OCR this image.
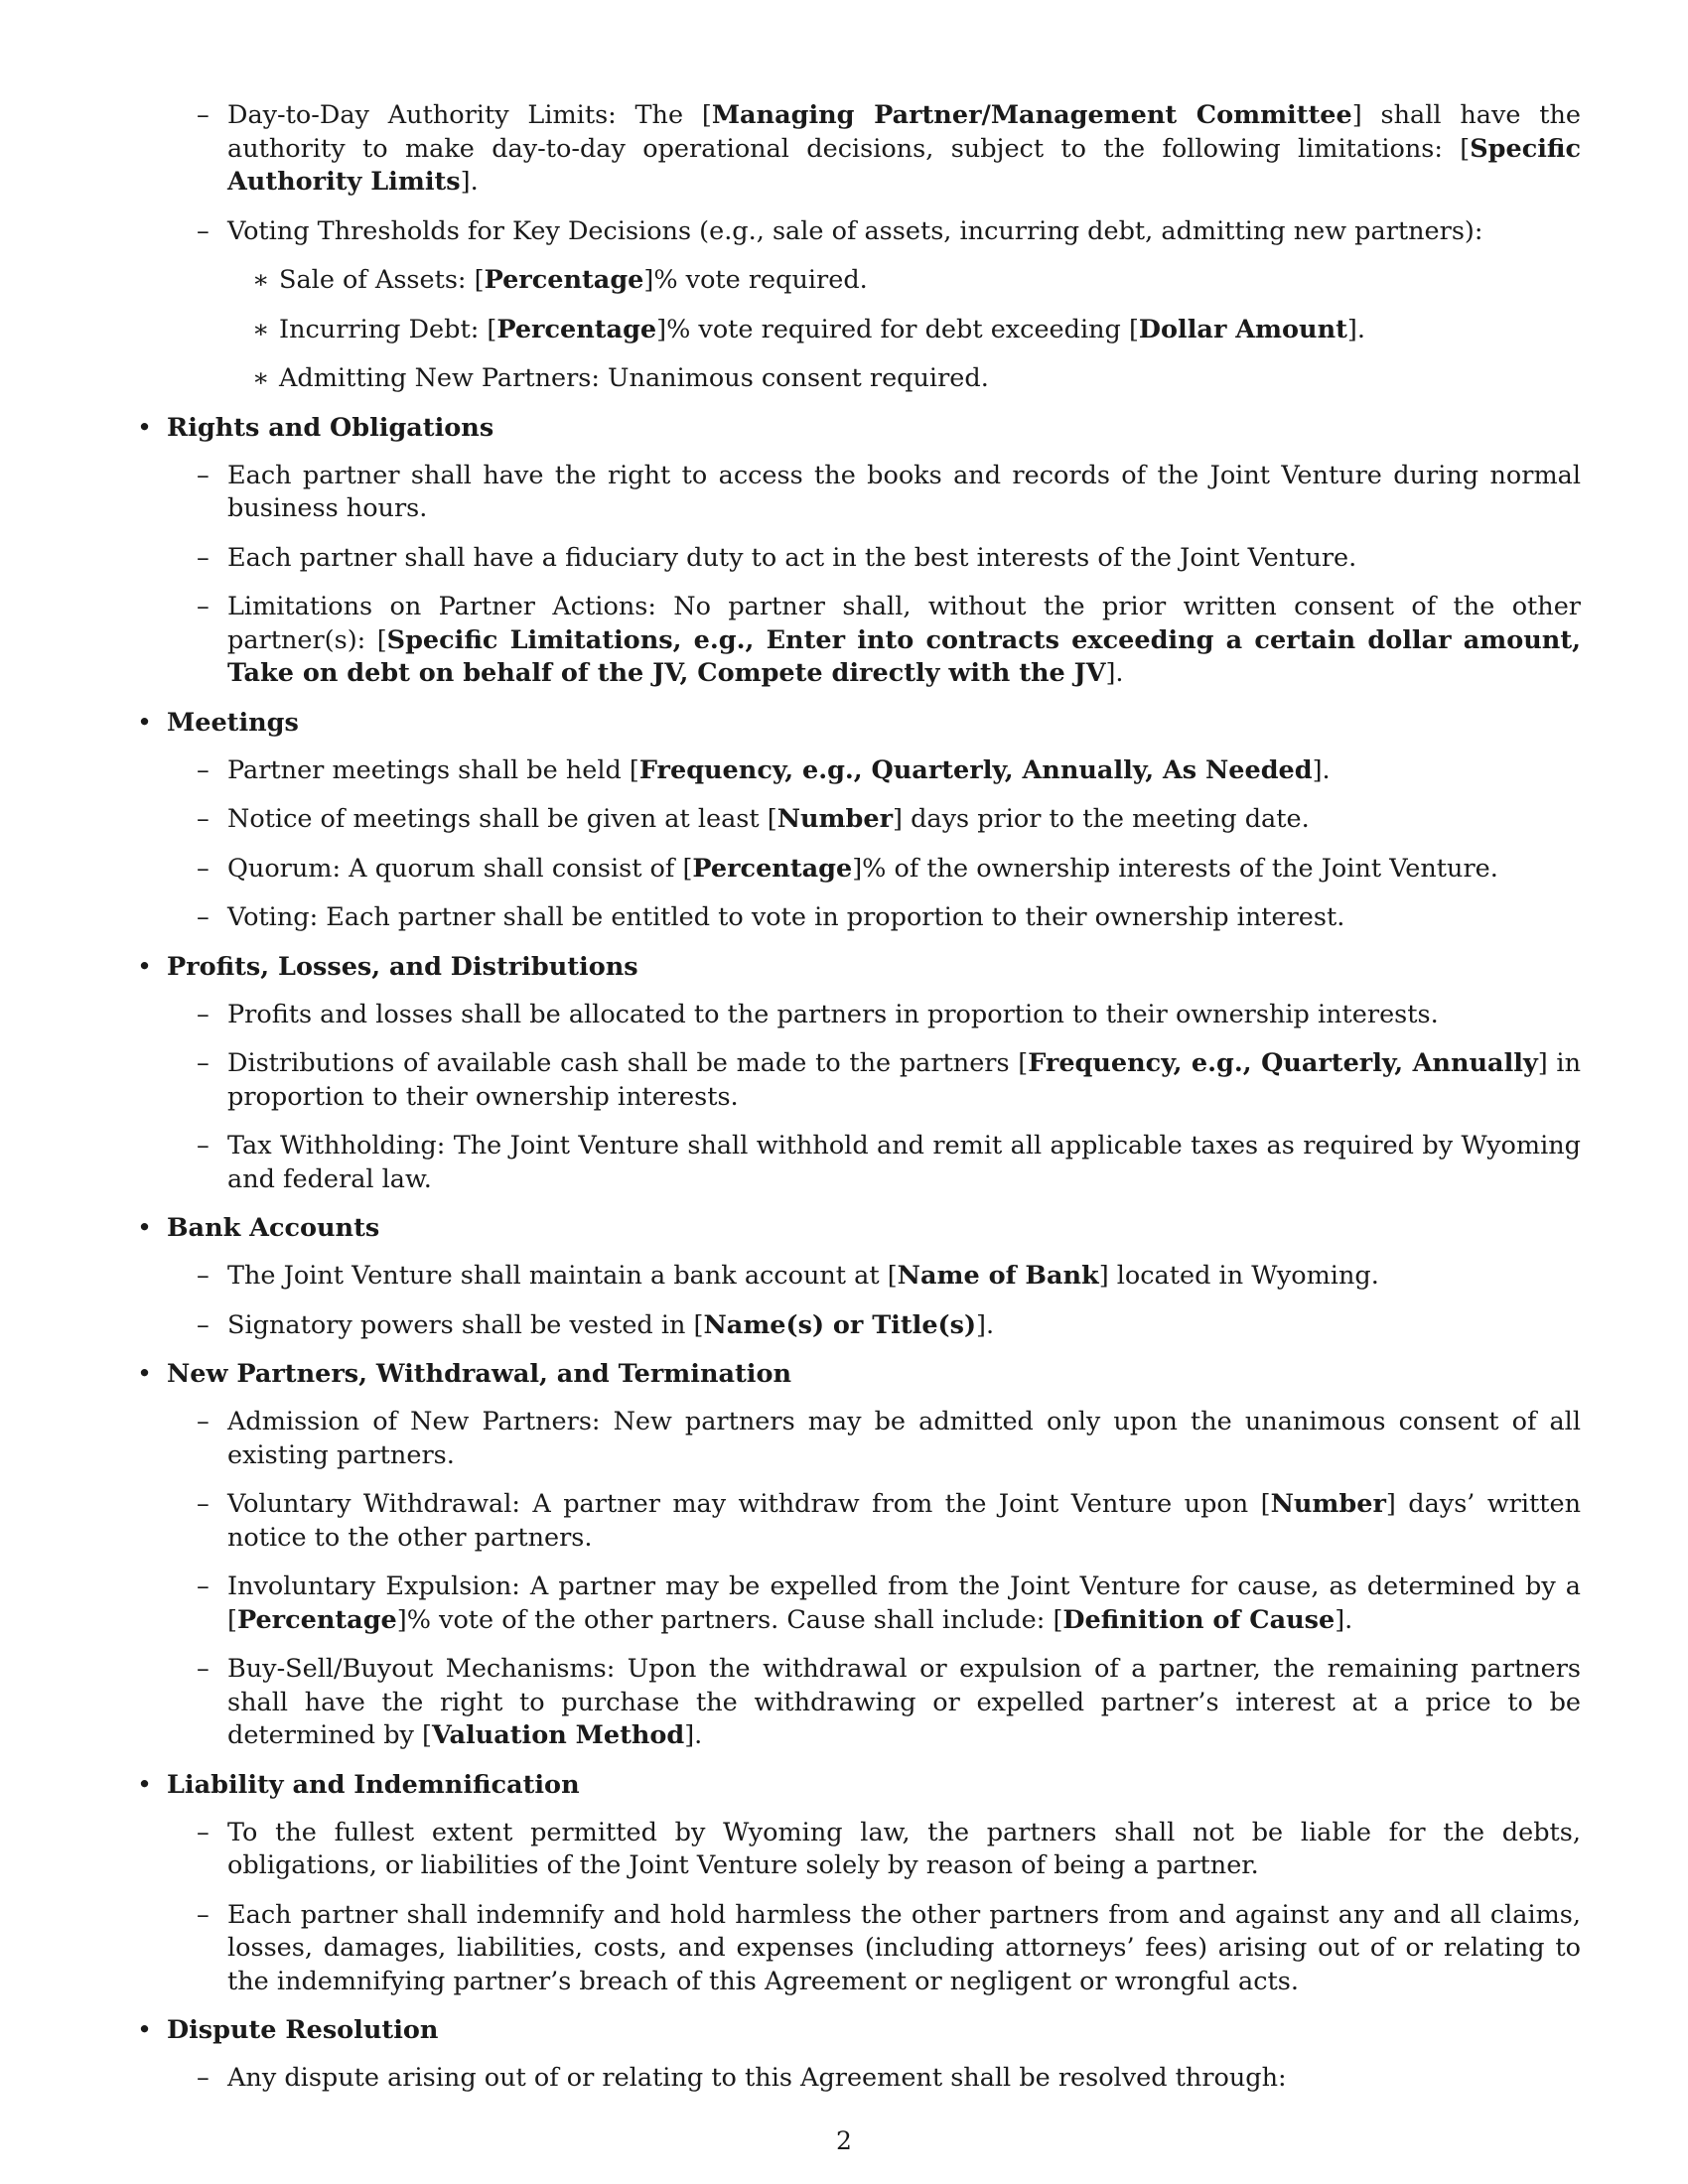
– Day-to-Day Authority Limits: The [Managing Partner/Management Committee] shall have the authority to make day-to-day operational decisions, subject to the following limitations: [Specific Authority Limits].
– Voting Thresholds for Key Decisions (e.g., sale of assets, incurring debt, admitting new partners):
∗ Sale of Assets: [Percentage]% vote required.
∗ Incurring Debt: [Percentage]% vote required for debt exceeding [Dollar Amount].
∗ Admitting New Partners: Unanimous consent required.
• Rights and Obligations
– Each partner shall have the right to access the books and records of the Joint Venture during normal business hours.
– Each partner shall have a fiduciary duty to act in the best interests of the Joint Venture.
– Limitations on Partner Actions: No partner shall, without the prior written consent of the other partner(s): [Specific Limitations, e.g., Enter into contracts exceeding a certain dollar amount, Take on debt on behalf of the JV, Compete directly with the JV].
• Meetings
– Partner meetings shall be held [Frequency, e.g., Quarterly, Annually, As Needed].
– Notice of meetings shall be given at least [Number] days prior to the meeting date.
– Quorum: A quorum shall consist of [Percentage]% of the ownership interests of the Joint Venture.
– Voting: Each partner shall be entitled to vote in proportion to their ownership interest.
• Profits, Losses, and Distributions
– Profits and losses shall be allocated to the partners in proportion to their ownership interests.
– Distributions of available cash shall be made to the partners [Frequency, e.g., Quarterly, Annually] in proportion to their ownership interests.
– Tax Withholding: The Joint Venture shall withhold and remit all applicable taxes as required by Wyoming and federal law.
• Bank Accounts
– The Joint Venture shall maintain a bank account at [Name of Bank] located in Wyoming.
– Signatory powers shall be vested in [Name(s) or Title(s)].
• New Partners, Withdrawal, and Termination
– Admission of New Partners: New partners may be admitted only upon the unanimous consent of all existing partners.
– Voluntary Withdrawal: A partner may withdraw from the Joint Venture upon [Number] days’ written notice to the other partners.
– Involuntary Expulsion: A partner may be expelled from the Joint Venture for cause, as determined by a [Percentage]% vote of the other partners. Cause shall include: [Definition of Cause].
– Buy-Sell/Buyout Mechanisms: Upon the withdrawal or expulsion of a partner, the remaining partners shall have the right to purchase the withdrawing or expelled partner’s interest at a price to be determined by [Valuation Method].
• Liability and Indemnification
– To the fullest extent permitted by Wyoming law, the partners shall not be liable for the debts, obligations, or liabilities of the Joint Venture solely by reason of being a partner.
– Each partner shall indemnify and hold harmless the other partners from and against any and all claims, losses, damages, liabilities, costs, and expenses (including attorneys’ fees) arising out of or relating to the indemnifying partner’s breach of this Agreement or negligent or wrongful acts.
• Dispute Resolution
– Any dispute arising out of or relating to this Agreement shall be resolved through:
2
